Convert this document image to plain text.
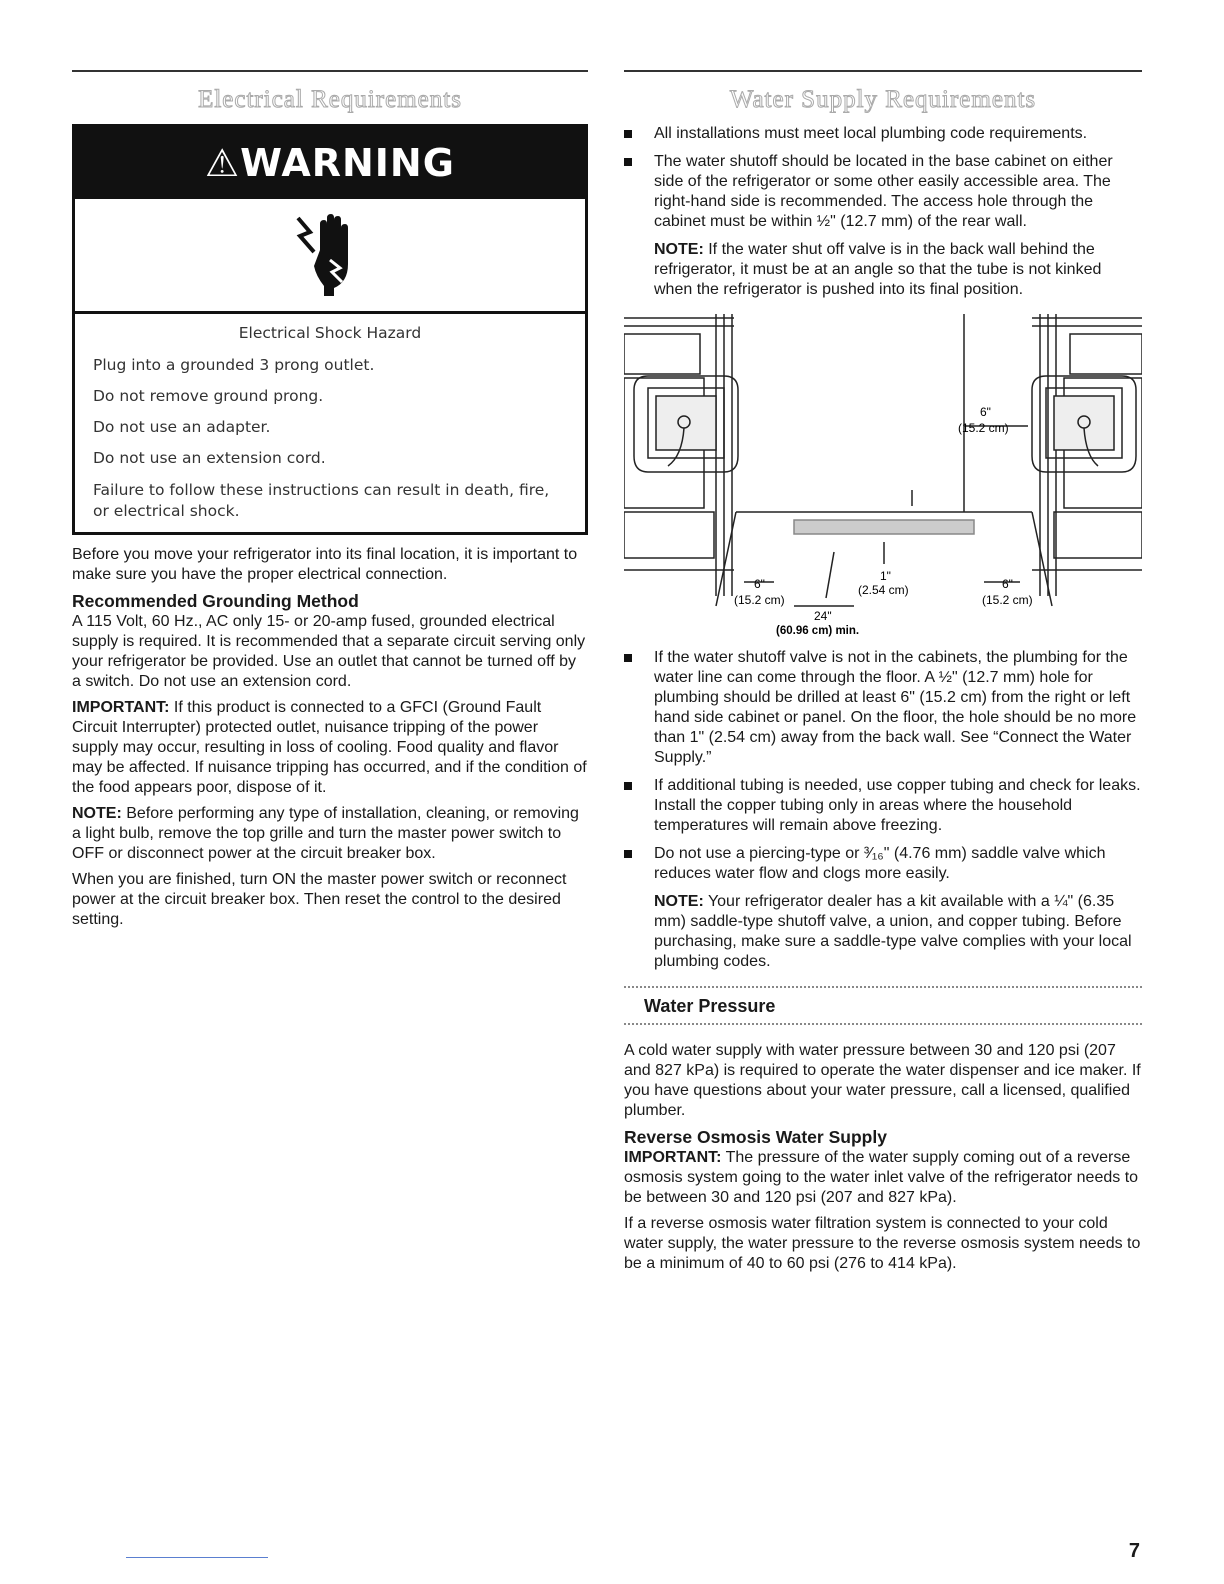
Electrical Requirements
⚠WARNING
Electrical Shock Hazard

Plug into a grounded 3 prong outlet.

Do not remove ground prong.

Do not use an adapter.

Do not use an extension cord.

Failure to follow these instructions can result in death, fire, or electrical shock.

Before you move your refrigerator into its final location, it is important to make sure you have the proper electrical connection.

Recommended Grounding Method

A 115 Volt, 60 Hz., AC only 15- or 20-amp fused, grounded electrical supply is required. It is recommended that a separate circuit serving only your refrigerator be provided. Use an outlet that cannot be turned off by a switch. Do not use an extension cord.

IMPORTANT: If this product is connected to a GFCI (Ground Fault Circuit Interrupter) protected outlet, nuisance tripping of the power supply may occur, resulting in loss of cooling. Food quality and flavor may be affected. If nuisance tripping has occurred, and if the condition of the food appears poor, dispose of it.

NOTE: Before performing any type of installation, cleaning, or removing a light bulb, remove the top grille and turn the master power switch to OFF or disconnect power at the circuit breaker box.

When you are finished, turn ON the master power switch or reconnect power at the circuit breaker box. Then reset the control to the desired setting.

Water Supply Requirements
All installations must meet local plumbing code requirements.
The water shutoff should be located in the base cabinet on either side of the refrigerator or some other easily accessible area. The right-hand side is recommended. The access hole through the cabinet must be within ½" (12.7 mm) of the rear wall.

NOTE: If the water shut off valve is in the back wall behind the refrigerator, it must be at an angle so that the tube is not kinked when the refrigerator is pushed into its final position.

6"
(15.2 cm)
6"
(15.2 cm)
1"
(2.54 cm)
24"
(60.96 cm) min.
6"
(15.2 cm)
If the water shutoff valve is not in the cabinets, the plumbing for the water line can come through the floor. A ½" (12.7 mm) hole for plumbing should be drilled at least 6" (15.2 cm) from the right or left hand side cabinet or panel. On the floor, the hole should be no more than 1" (2.54 cm) away from the back wall. See “Connect the Water Supply.”
If additional tubing is needed, use copper tubing and check for leaks. Install the copper tubing only in areas where the household temperatures will remain above freezing.
Do not use a piercing-type or ³⁄₁₆" (4.76 mm) saddle valve which reduces water flow and clogs more easily.

NOTE: Your refrigerator dealer has a kit available with a ¼" (6.35 mm) saddle-type shutoff valve, a union, and copper tubing. Before purchasing, make sure a saddle-type valve complies with your local plumbing codes.

Water Pressure

A cold water supply with water pressure between 30 and 120 psi (207 and 827 kPa) is required to operate the water dispenser and ice maker. If you have questions about your water pressure, call a licensed, qualified plumber.

Reverse Osmosis Water Supply

IMPORTANT: The pressure of the water supply coming out of a reverse osmosis system going to the water inlet valve of the refrigerator needs to be between 30 and 120 psi (207 and 827 kPa).

If a reverse osmosis water filtration system is connected to your cold water supply, the water pressure to the reverse osmosis system needs to be a minimum of 40 to 60 psi (276 to 414 kPa).

7
